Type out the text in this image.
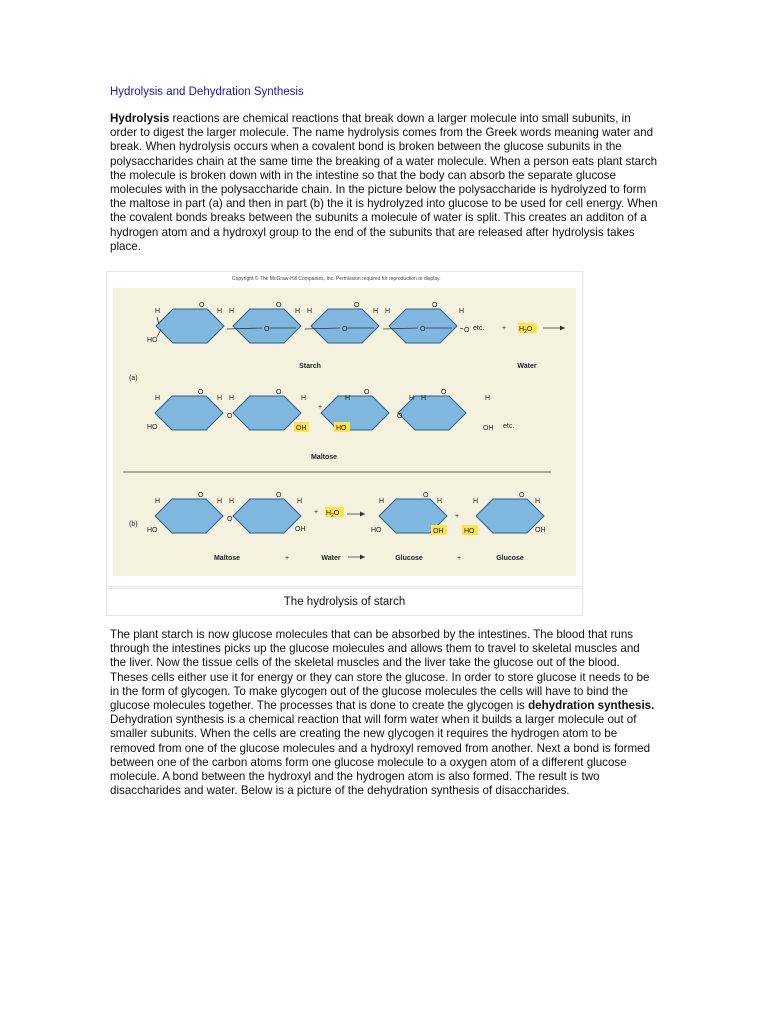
Hydrolysis and Dehydration Synthesis

Hydrolysis reactions are chemical reactions that break down a larger molecule into small subunits, in order to digest the larger molecule. The name hydrolysis comes from the Greek words meaning water and break. When hydrolysis occurs when a covalent bond is broken between the glucose subunits in the polysaccharides chain at the same time the breaking of a water molecule. When a person eats plant starch the molecule is broken down with in the intestine so that the body can absorb the separate glucose molecules with in the polysaccharide chain. In the picture below the polysaccharide is hydrolyzed to form the maltose in part (a) and then in part (b) the it is hydrolyzed into glucose to be used for cell energy. When the covalent bonds breaks between the subunits a molecule of water is split. This creates an additon of a hydrogen atom and a hydroxyl group to the end of the subunits that are released after hydrolysis takes place.

O	O	O	O
H
HO
O
H H
O
H H
O
H H	H
O etc.	+ $H_2O$
Starch	Water
(a)
O	O	O	O
H
HO
O
H H	H
OH
+
H
HO
O
H H	H
OH etc.
Maltose
O	O
H
HO
O
H H	H
OH
+ $H_2O$
O	O
H
HO
H
OH
+
H
HO
H
OH
(b)
Maltose	+	Water	Glucose	+	Glucose
Copyright © The McGraw-Hill Companies, Inc. Permission required for reproduction or display.
The hydrolysis of starch

The plant starch is now glucose molecules that can be absorbed by the intestines. The blood that runs through the intestines picks up the glucose molecules and allows them to travel to skeletal muscles and the liver. Now the tissue cells of the skeletal muscles and the liver take the glucose out of the blood. Theses cells either use it for energy or they can store the glucose. In order to store glucose it needs to be in the form of glycogen. To make glycogen out of the glucose molecules the cells will have to bind the glucose molecules together. The processes that is done to create the glycogen is dehydration synthesis. Dehydration synthesis is a chemical reaction that will form water when it builds a larger molecule out of smaller subunits. When the cells are creating the new glycogen it requires the hydrogen atom to be removed from one of the glucose molecules and a hydroxyl removed from another. Next a bond is formed between one of the carbon atoms form one glucose molecule to a oxygen atom of a different glucose molecule. A bond between the hydroxyl and the hydrogen atom is also formed. The result is two disaccharides and water. Below is a picture of the dehydration synthesis of disaccharides.
